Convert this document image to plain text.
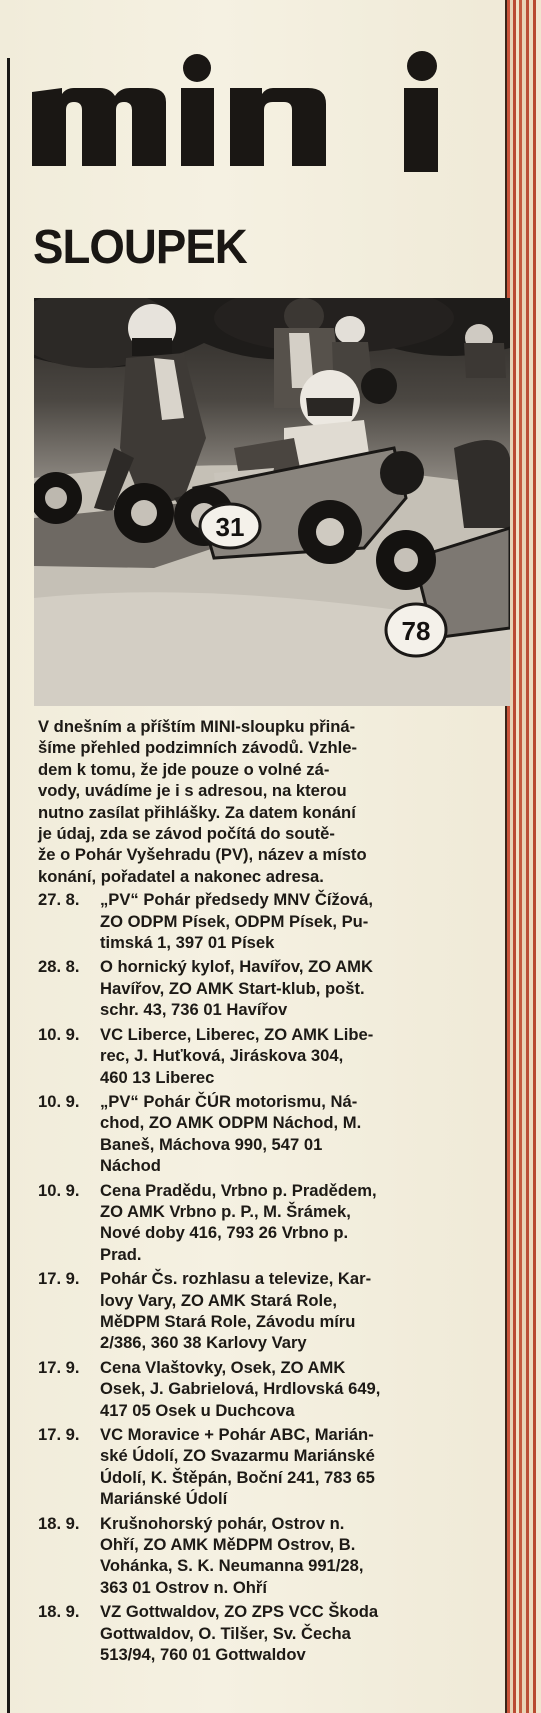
SLOUPEK
31
78
V dnešním a příštím MINI-sloupku přiná-
šíme přehled podzimních závodů. Vzhle-
dem k tomu, že jde pouze o volné zá-
vody, uvádíme je i s adresou, na kterou
nutno zasílat přihlášky. Za datem konání
je údaj, zda se závod počítá do soutě-
že o Pohár Vyšehradu (PV), název a místo
konání, pořadatel a nakonec adresa.
27. 8.	„PV“ Pohár předsedy MNV Čížová,
ZO ODPM Písek, ODPM Písek, Pu-
timská 1, 397 01 Písek
28. 8.	O hornický kylof, Havířov, ZO AMK
Havířov, ZO AMK Start-klub, pošt.
schr. 43, 736 01 Havířov
10. 9.	VC Liberce, Liberec, ZO AMK Libe-
rec, J. Huťková, Jiráskova 304,
460 13 Liberec
10. 9.	„PV“ Pohár ČÚR motorismu, Ná-
chod, ZO AMK ODPM Náchod, M.
Baneš, Máchova 990, 547 01
Náchod
10. 9.	Cena Pradědu, Vrbno p. Pradědem,
ZO AMK Vrbno p. P., M. Šrámek,
Nové doby 416, 793 26 Vrbno p.
Prad.
17. 9.	Pohár Čs. rozhlasu a televize, Kar-
lovy Vary, ZO AMK Stará Role,
MěDPM Stará Role, Závodu míru
2/386, 360 38 Karlovy Vary
17. 9.	Cena Vlaštovky, Osek, ZO AMK
Osek, J. Gabrielová, Hrdlovská 649,
417 05 Osek u Duchcova
17. 9.	VC Moravice + Pohár ABC, Marián-
ské Údolí, ZO Svazarmu Mariánské
Údolí, K. Štěpán, Boční 241, 783 65
Mariánské Údolí
18. 9.	Krušnohorský pohár, Ostrov n.
Ohří, ZO AMK MěDPM Ostrov, B.
Vohánka, S. K. Neumanna 991/28,
363 01 Ostrov n. Ohří
18. 9.	VZ Gottwaldov, ZO ZPS VCC Škoda
Gottwaldov, O. Tilšer, Sv. Čecha
513/94, 760 01 Gottwaldov
